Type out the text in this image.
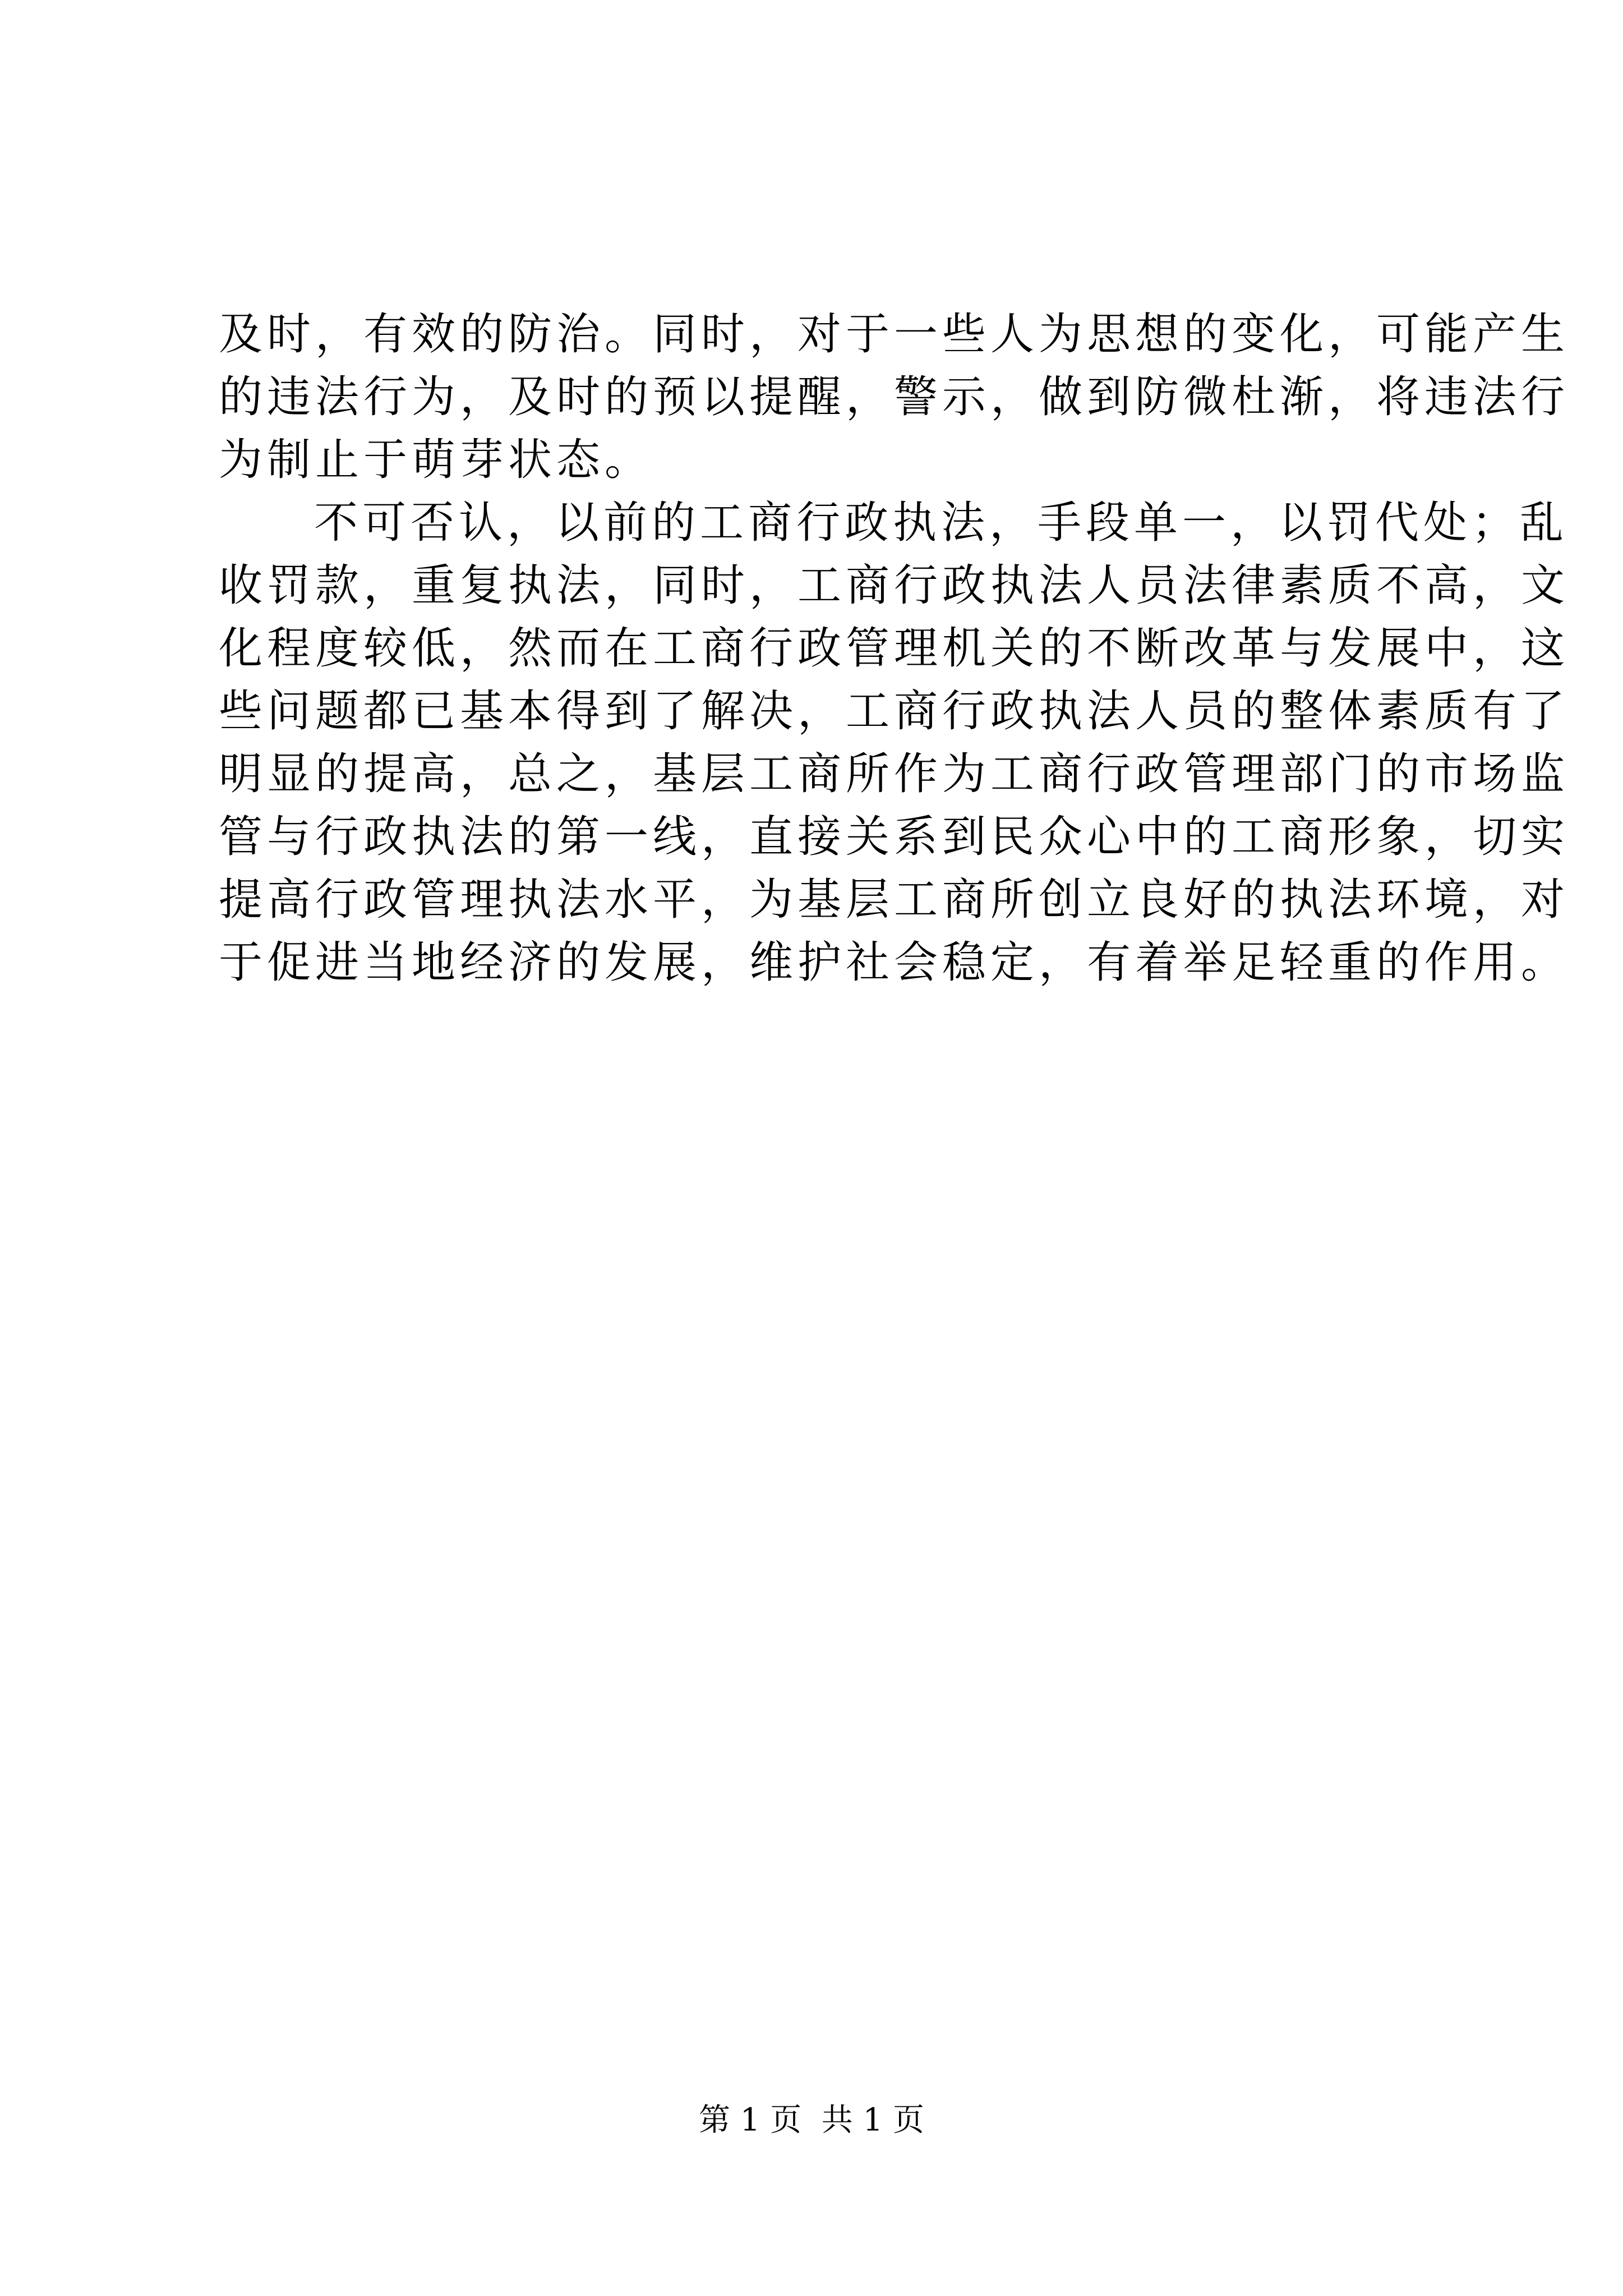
及时，有效的防治。同时，对于一些人为思想的变化，可能产生
的违法行为，及时的预以提醒，警示，做到防微杜渐，将违法行
为制止于萌芽状态。
不可否认，以前的工商行政执法，手段单一，以罚代处；乱
收罚款，重复执法，同时，工商行政执法人员法律素质不高，文
化程度较低，然而在工商行政管理机关的不断改革与发展中，这
些问题都已基本得到了解决，工商行政执法人员的整体素质有了
明显的提高，总之，基层工商所作为工商行政管理部门的市场监
管与行政执法的第一线，直接关系到民众心中的工商形象，切实
提高行政管理执法水平，为基层工商所创立良好的执法环境，对
于促进当地经济的发展，维护社会稳定，有着举足轻重的作用。
第 1 页  共 1 页
